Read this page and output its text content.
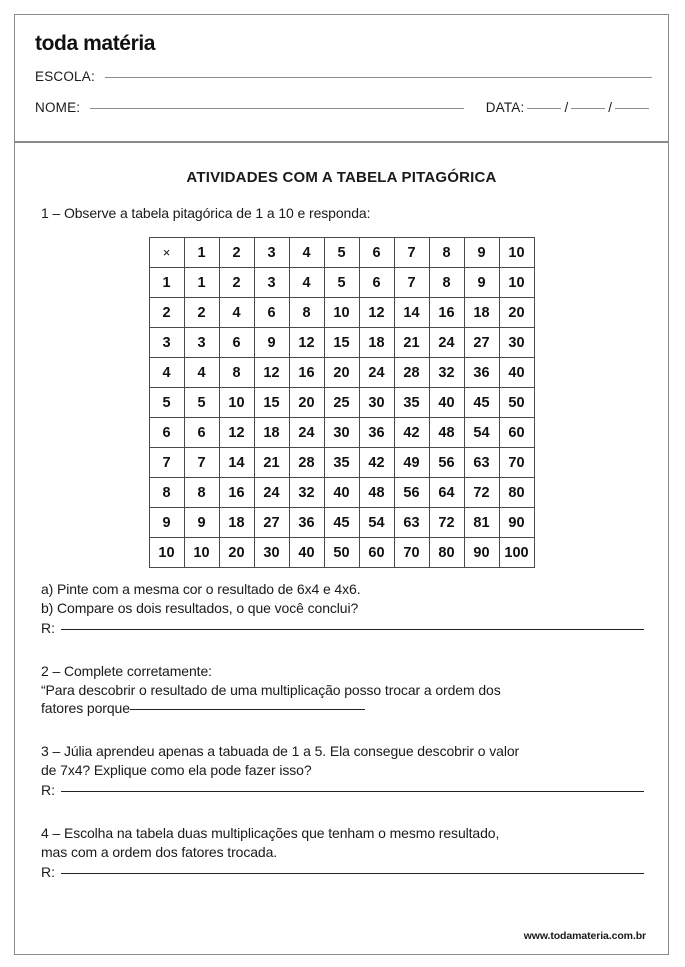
toda matéria
ESCOLA:
NOME:	DATA:	/	/
ATIVIDADES COM A TABELA PITAGÓRICA
1 – Observe a tabela pitagórica de 1 a 10 e responda:
×	1	2	3	4	5	6	7	8	9	10
1	1	2	3	4	5	6	7	8	9	10
2	2	4	6	8	10	12	14	16	18	20
3	3	6	9	12	15	18	21	24	27	30
4	4	8	12	16	20	24	28	32	36	40
5	5	10	15	20	25	30	35	40	45	50
6	6	12	18	24	30	36	42	48	54	60
7	7	14	21	28	35	42	49	56	63	70
8	8	16	24	32	40	48	56	64	72	80
9	9	18	27	36	45	54	63	72	81	90
10	10	20	30	40	50	60	70	80	90	100
a) Pinte com a mesma cor o resultado de 6x4 e 4x6.
b) Compare os dois resultados, o que você conclui?
R:
2 – Complete corretamente:
“Para descobrir o resultado de uma multiplicação posso trocar a ordem dos
fatores porque
3 – Júlia aprendeu apenas a tabuada de 1 a 5. Ela consegue descobrir o valor
de 7x4? Explique como ela pode fazer isso?
R:
4 – Escolha na tabela duas multiplicações que tenham o mesmo resultado,
mas com a ordem dos fatores trocada.
R:
www.todamateria.com.br
